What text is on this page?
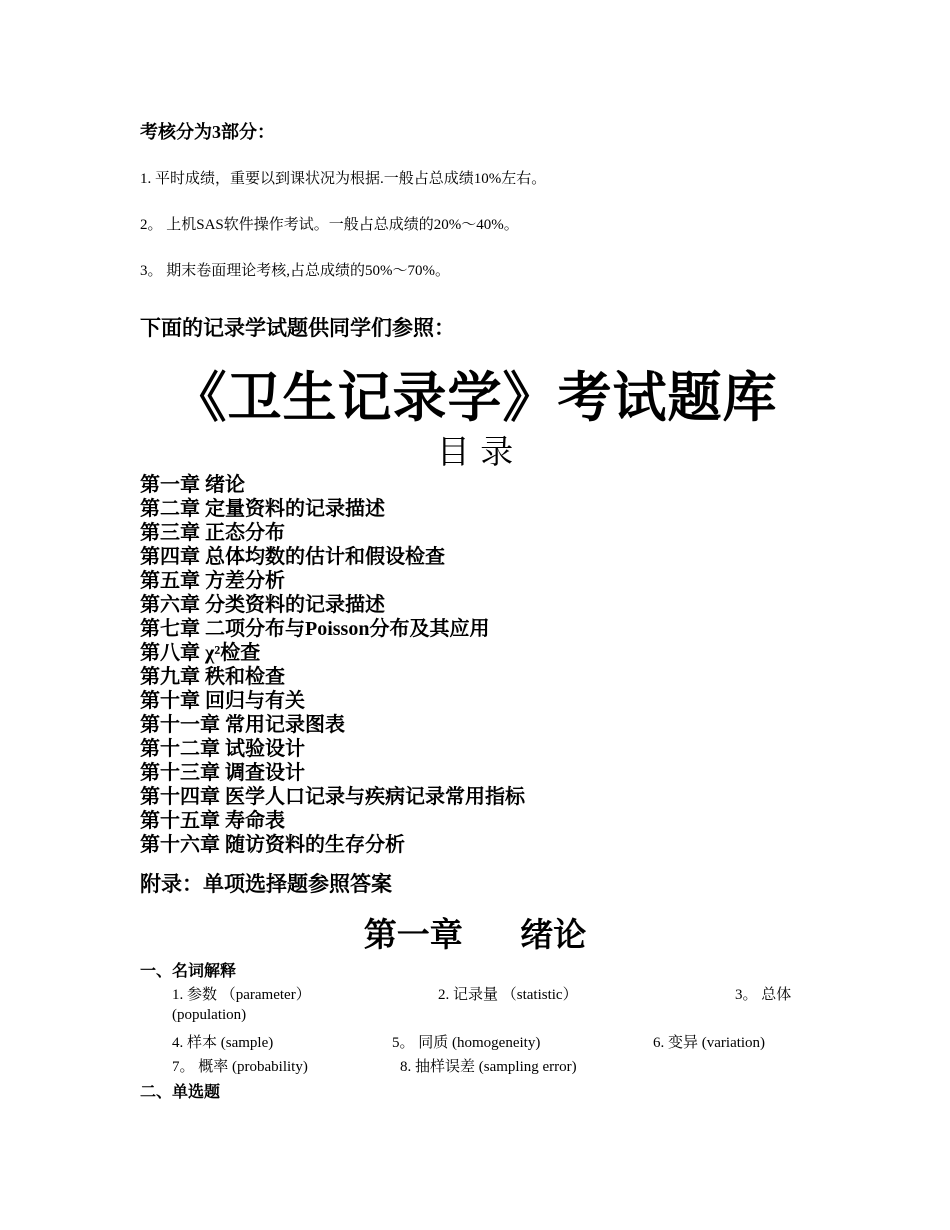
考核分为3部分：
1. 平时成绩，重要以到课状况为根据.一般占总成绩10%左右。
2。 上机SAS软件操作考试。一般占总成绩的20%～40%。
3。 期末卷面理论考核,占总成绩的50%～70%。
下面的记录学试题供同学们参照：
《卫生记录学》考试题库
目 录
第一章 绪论
第二章 定量资料的记录描述
第三章 正态分布
第四章 总体均数的估计和假设检查
第五章 方差分析
第六章 分类资料的记录描述
第七章 二项分布与Poisson分布及其应用
第八章 χ²检查
第九章 秩和检查
第十章 回归与有关
第十一章 常用记录图表
第十二章 试验设计
第十三章 调查设计
第十四章 医学人口记录与疾病记录常用指标
第十五章 寿命表
第十六章 随访资料的生存分析
附录：单项选择题参照答案
第一章     绪论
一、名词解释
1. 参数 （parameter）	2. 记录量 （statistic）	3。 总体
(population)
4. 样本 (sample)	5。 同质 (homogeneity)	6. 变异 (variation)
7。 概率 (probability)	8. 抽样误差 (sampling error)
二、单选题
